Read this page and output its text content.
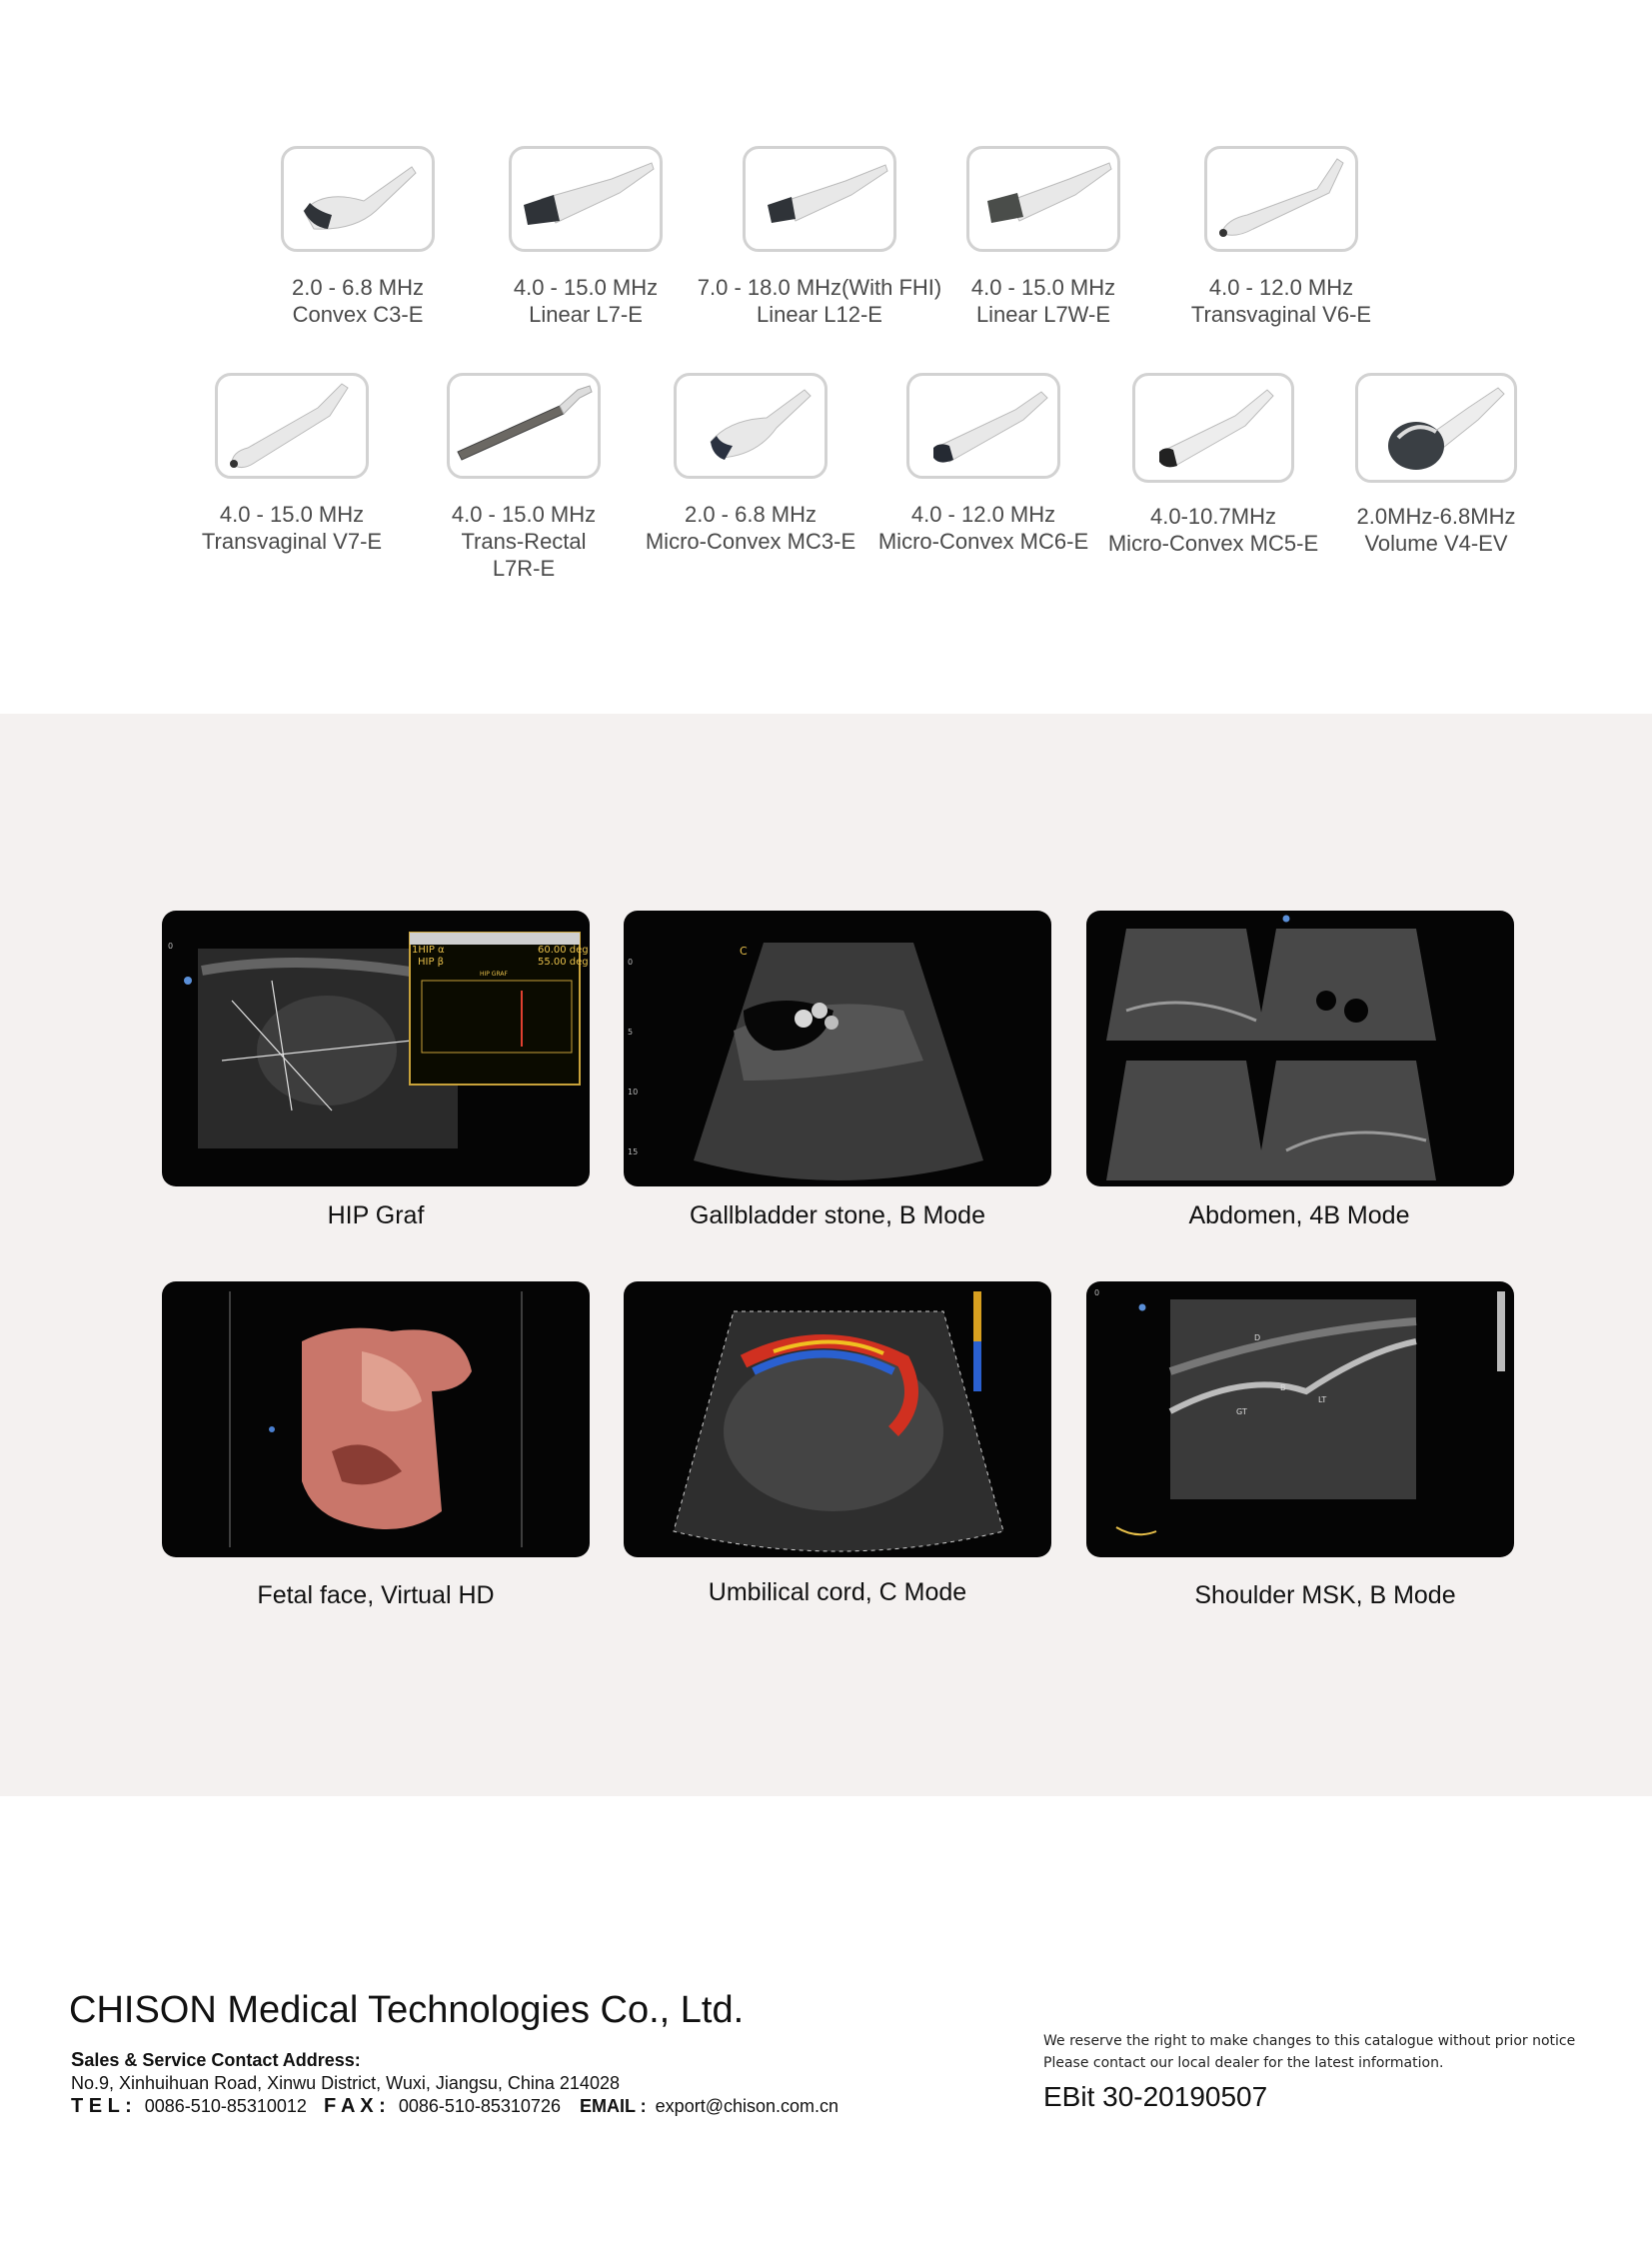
2.0 - 6.8 MHz
Convex C3-E
4.0 - 15.0 MHz
Linear L7-E
7.0 - 18.0 MHz(With FHI)
Linear L12-E
4.0 - 15.0 MHz
Linear L7W-E
4.0 - 12.0 MHz
Transvaginal V6-E
4.0 - 15.0 MHz
Transvaginal V7-E
4.0 - 15.0 MHz
Trans-Rectal
L7R-E
2.0 - 6.8 MHz
Micro-Convex MC3-E
4.0 - 12.0 MHz
Micro-Convex MC6-E
4.0-10.7MHz
Micro-Convex MC5-E
2.0MHz-6.8MHz
Volume V4-EV
0	1HIP α	60.00 deg
HIP β	55.00 deg
HIP GRAF
HIP Graf
0
5
10
15
C
Gallbladder stone, B Mode	Abdomen, 4B Mode
Fetal face, Virtual HD	Umbilical cord, C Mode
0
D
B
GT
LT
Shoulder MSK, B Mode
CHISON Medical Technologies Co., Ltd.
Sales & Service Contact Address:
No.9, Xinhuihuan Road, Xinwu District, Wuxi, Jiangsu, China 214028
T E L : 0086-510-85310012 F A X : 0086-510-85310726 EMAIL : export@chison.com.cn
We reserve the right to make changes to this catalogue without prior notice
Please contact our local dealer for the latest information.
EBit 30-20190507
